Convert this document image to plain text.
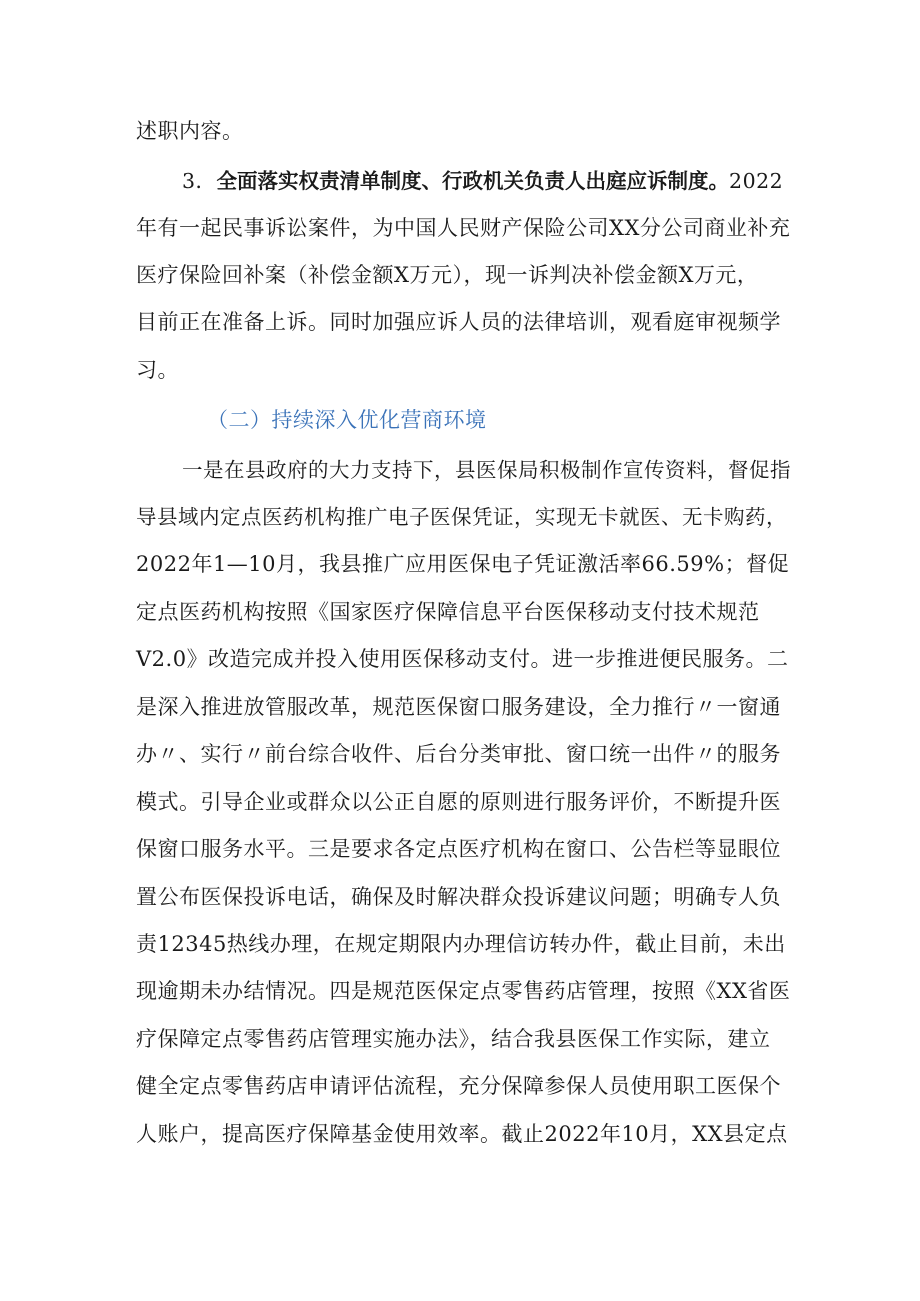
述职内容。
3．全面落实权责清单制度、行政机关负责人出庭应诉制度。2022
年有一起民事诉讼案件，为中国人民财产保险公司XX分公司商业补充
医疗保险回补案（补偿金额X万元），现一诉判决补偿金额X万元，
目前正在准备上诉。同时加强应诉人员的法律培训，观看庭审视频学
习。
（二）持续深入优化营商环境
一是在县政府的大力支持下，县医保局积极制作宣传资料，督促指
导县域内定点医药机构推广电子医保凭证，实现无卡就医、无卡购药，
2022年1—10月，我县推广应用医保电子凭证激活率66.59%；督促
定点医药机构按照《国家医疗保障信息平台医保移动支付技术规范
V2.0》改造完成并投入使用医保移动支付。进一步推进便民服务。二
是深入推进放管服改革，规范医保窗口服务建设，全力推行〃一窗通
办〃、实行〃前台综合收件、后台分类审批、窗口统一出件〃的服务
模式。引导企业或群众以公正自愿的原则进行服务评价，不断提升医
保窗口服务水平。三是要求各定点医疗机构在窗口、公告栏等显眼位
置公布医保投诉电话，确保及时解决群众投诉建议问题；明确专人负
责12345热线办理，在规定期限内办理信访转办件，截止目前，未出
现逾期未办结情况。四是规范医保定点零售药店管理，按照《XX省医
疗保障定点零售药店管理实施办法》，结合我县医保工作实际，建立
健全定点零售药店申请评估流程，充分保障参保人员使用职工医保个
人账户，提高医疗保障基金使用效率。截止2022年10月，XX县定点
